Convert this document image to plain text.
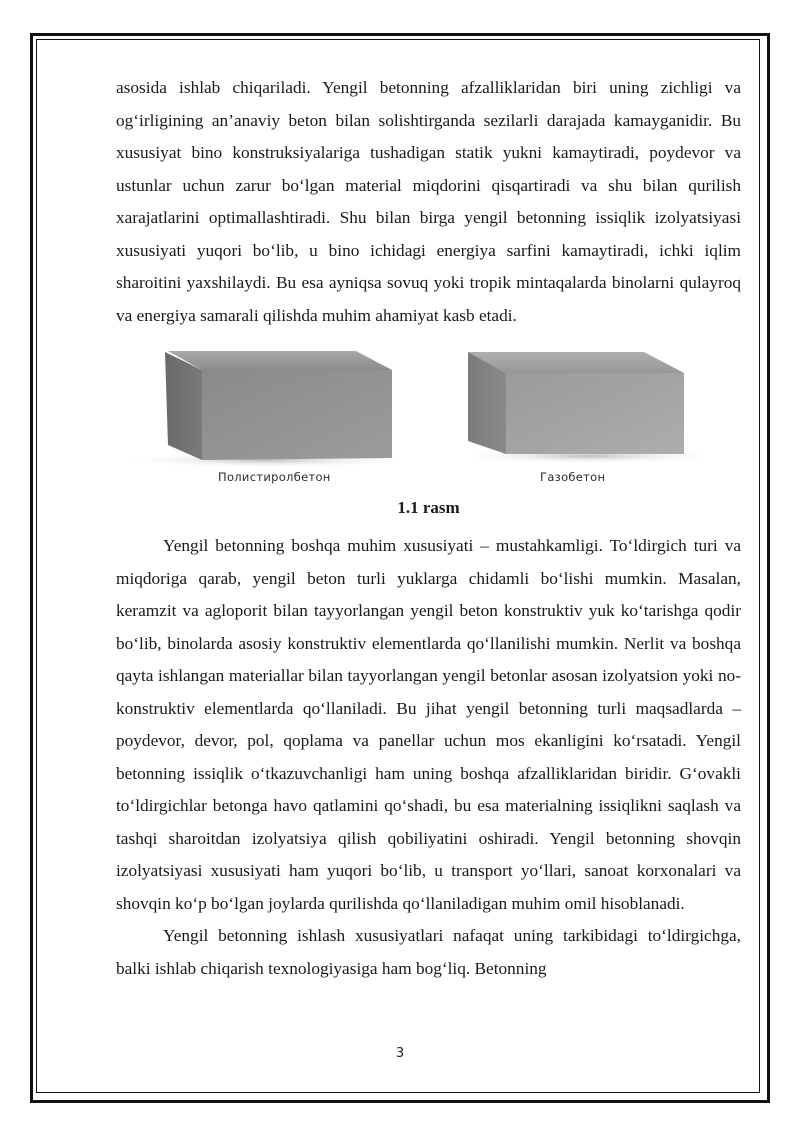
asosida ishlab chiqariladi. Yengil betonning afzalliklaridan biri uning zichligi va og‘irligining an’anaviy beton bilan solishtirganda sezilarli darajada kamayganidir. Bu xususiyat bino konstruksiyalariga tushadigan statik yukni kamaytiradi, poydevor va ustunlar uchun zarur bo‘lgan material miqdorini qisqartiradi va shu bilan qurilish xarajatlarini optimallashtiradi. Shu bilan birga yengil betonning issiqlik izolyatsiyasi xususiyati yuqori bo‘lib, u bino ichidagi energiya sarfini kamaytiradi, ichki iqlim sharoitini yaxshilaydi. Bu esa ayniqsa sovuq yoki tropik mintaqalarda binolarni qulayroq va energiya samarali qilishda muhim ahamiyat kasb etadi.

Полистиролбетон	Газобетон
1.1 rasm

Yengil betonning boshqa muhim xususiyati – mustahkamligi. To‘ldirgich turi va miqdoriga qarab, yengil beton turli yuklarga chidamli bo‘lishi mumkin. Masalan, keramzit va agloporit bilan tayyorlangan yengil beton konstruktiv yuk ko‘tarishga qodir bo‘lib, binolarda asosiy konstruktiv elementlarda qo‘llanilishi mumkin. Nerlit va boshqa qayta ishlangan materiallar bilan tayyorlangan yengil betonlar asosan izolyatsion yoki no-konstruktiv elementlarda qo‘llaniladi. Bu jihat yengil betonning turli maqsadlarda – poydevor, devor, pol, qoplama va panellar uchun mos ekanligini ko‘rsatadi. Yengil betonning issiqlik o‘tkazuvchanligi ham uning boshqa afzalliklaridan biridir. G‘ovakli to‘ldirgichlar betonga havo qatlamini qo‘shadi, bu esa materialning issiqlikni saqlash va tashqi sharoitdan izolyatsiya qilish qobiliyatini oshiradi. Yengil betonning shovqin izolyatsiyasi xususiyati ham yuqori bo‘lib, u transport yo‘llari, sanoat korxonalari va shovqin ko‘p bo‘lgan joylarda qurilishda qo‘llaniladigan muhim omil hisoblanadi.

Yengil betonning ishlash xususiyatlari nafaqat uning tarkibidagi to‘ldirgichga, balki ishlab chiqarish texnologiyasiga ham bog‘liq. Betonning

3
